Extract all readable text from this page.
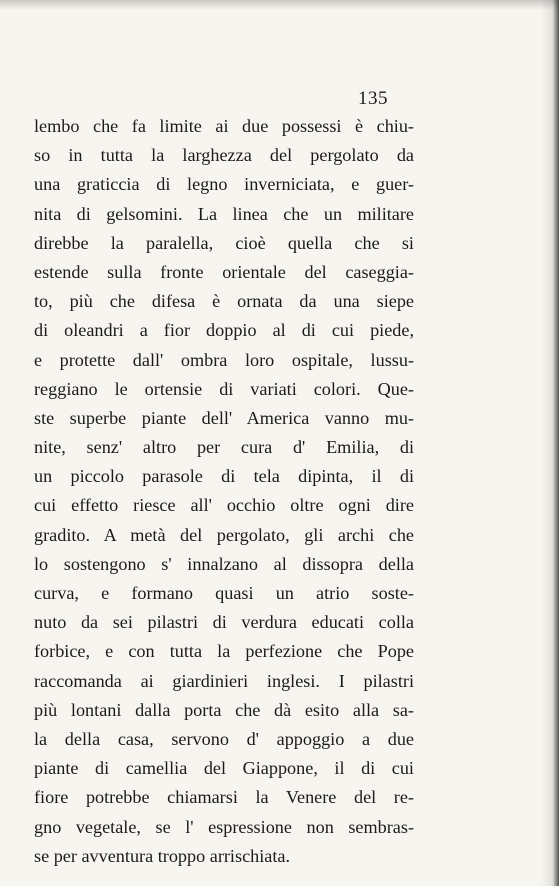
135
lembo che fa limite ai due possessi è chiu-
so in tutta la larghezza del pergolato da
una graticcia di legno inverniciata, e guer-
nita di gelsomini. La linea che un militare
direbbe la paralella, cioè quella che si
estende sulla fronte orientale del caseggia-
to, più che difesa è ornata da una siepe
di oleandri a fior doppio al di cui piede,
e protette dall' ombra loro ospitale, lussu-
reggiano le ortensie di variati colori. Que-
ste superbe piante dell' America vanno mu-
nite, senz' altro per cura d' Emilia, di
un piccolo parasole di tela dipinta, il di
cui effetto riesce all' occhio oltre ogni dire
gradito. A metà del pergolato, gli archi che
lo sostengono s' innalzano al dissopra della
curva, e formano quasi un atrio soste-
nuto da sei pilastri di verdura educati colla
forbice, e con tutta la perfezione che Pope
raccomanda ai giardinieri inglesi. I pilastri
più lontani dalla porta che dà esito alla sa-
la della casa, servono d' appoggio a due
piante di camellia del Giappone, il di cui
fiore potrebbe chiamarsi la Venere del re-
gno vegetale, se l' espressione non sembras-
se per avventura troppo arrischiata.
